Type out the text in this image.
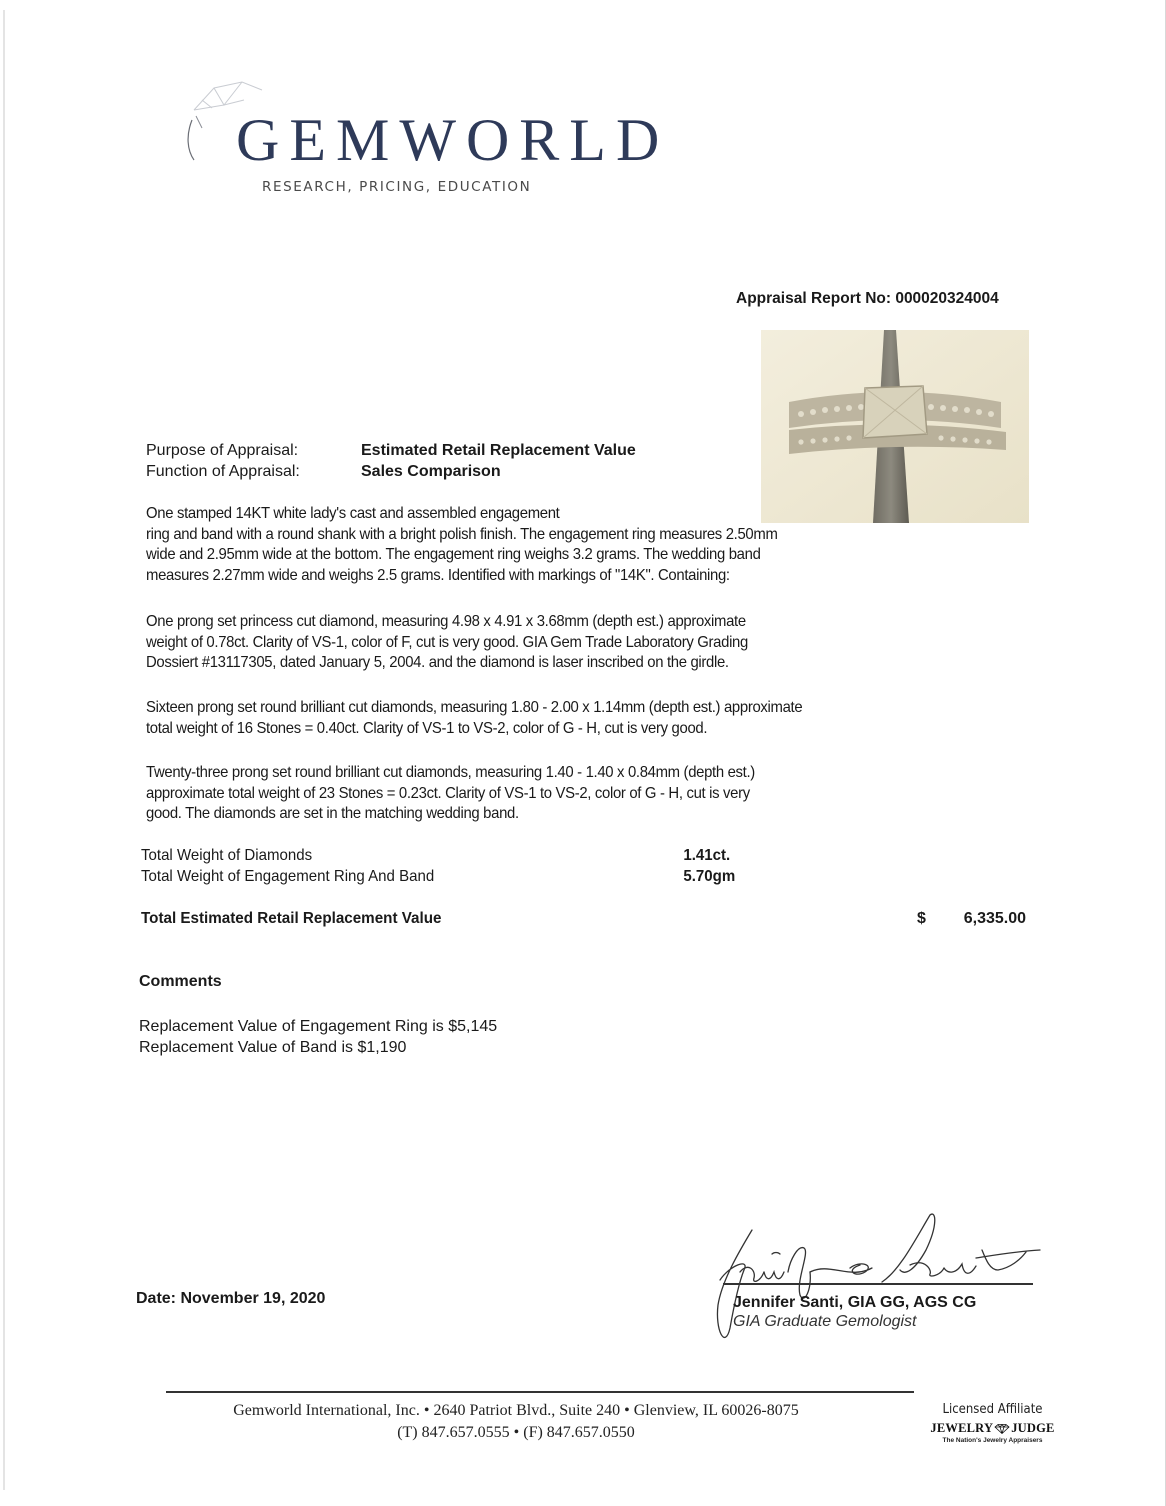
GEMWORLD
RESEARCH, PRICING, EDUCATION
Appraisal Report No: 000020324004
Purpose of Appraisal:	Estimated Retail Replacement Value
Function of Appraisal:	Sales Comparison
One stamped 14KT white lady's cast and assembled engagement
ring and band with a round shank with a bright polish finish. The engagement ring measures 2.50mm
wide and 2.95mm wide at the bottom. The engagement ring weighs 3.2 grams. The wedding band
measures 2.27mm wide and weighs 2.5 grams. Identified with markings of "14K". Containing:
One prong set princess cut diamond, measuring 4.98 x 4.91 x 3.68mm (depth est.) approximate
weight of 0.78ct. Clarity of VS-1, color of F, cut is very good. GIA Gem Trade Laboratory Grading
Dossiert #13117305, dated January 5, 2004. and the diamond is laser inscribed on the girdle.
Sixteen prong set round brilliant cut diamonds, measuring 1.80 - 2.00 x 1.14mm (depth est.) approximate
total weight of 16 Stones = 0.40ct. Clarity of VS-1 to VS-2, color of G - H, cut is very good.
Twenty-three prong set round brilliant cut diamonds, measuring 1.40 - 1.40 x 0.84mm (depth est.)
approximate total weight of 23 Stones = 0.23ct. Clarity of VS-1 to VS-2, color of G - H, cut is very
good. The diamonds are set in the matching wedding band.
Total Weight of Diamonds	1.41ct.
Total Weight of Engagement Ring And Band	5.70gm
Total Estimated Retail Replacement Value	$ 6,335.00
Comments
Replacement Value of Engagement Ring is $5,145
Replacement Value of Band is $1,190
Date: November 19, 2020	Jennifer Santi, GIA GG, AGS CG
GIA Graduate Gemologist
Gemworld International, Inc. • 2640 Patriot Blvd., Suite 240 • Glenview, IL 60026-8075
(T) 847.657.0555 • (F) 847.657.0550
Licensed Affiliate
JEWELRY JUDGE
The Nation's Jewelry Appraisers
